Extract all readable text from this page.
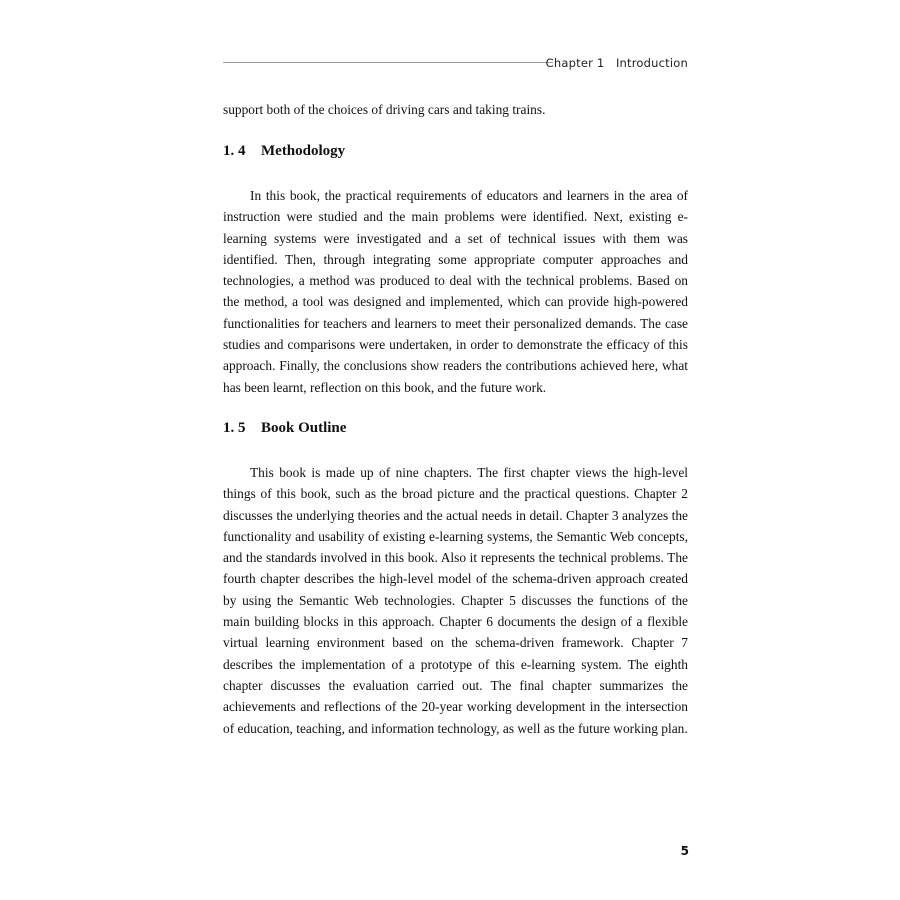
Chapter 1   Introduction

support both of the choices of driving cars and taking trains.

1. 4 Methodology

In this book, the practical requirements of educators and learners in the area of instruction were studied and the main problems were identified. Next, existing e-learning systems were investigated and a set of technical issues with them was identified. Then, through integrating some appropriate computer approaches and technologies, a method was produced to deal with the technical problems. Based on the method, a tool was designed and implemented, which can provide high-powered functionalities for teachers and learners to meet their personalized demands. The case studies and comparisons were undertaken, in order to demonstrate the efficacy of this approach. Finally, the conclusions show readers the contributions achieved here, what has been learnt, reflection on this book, and the future work.

1. 5 Book Outline

This book is made up of nine chapters. The first chapter views the high-level things of this book, such as the broad picture and the practical questions. Chapter 2 discusses the underlying theories and the actual needs in detail. Chapter 3 analyzes the functionality and usability of existing e-learning systems, the Semantic Web concepts, and the standards involved in this book. Also it represents the technical problems. The fourth chapter describes the high-level model of the schema-driven approach created by using the Semantic Web technologies. Chapter 5 discusses the functions of the main building blocks in this approach. Chapter 6 documents the design of a flexible virtual learning environment based on the schema-driven framework. Chapter 7 describes the implementation of a prototype of this e-learning system. The eighth chapter discusses the evaluation carried out. The final chapter summarizes the achievements and reflections of the 20-year working development in the intersection of education, teaching, and information technology, as well as the future working plan.

5
